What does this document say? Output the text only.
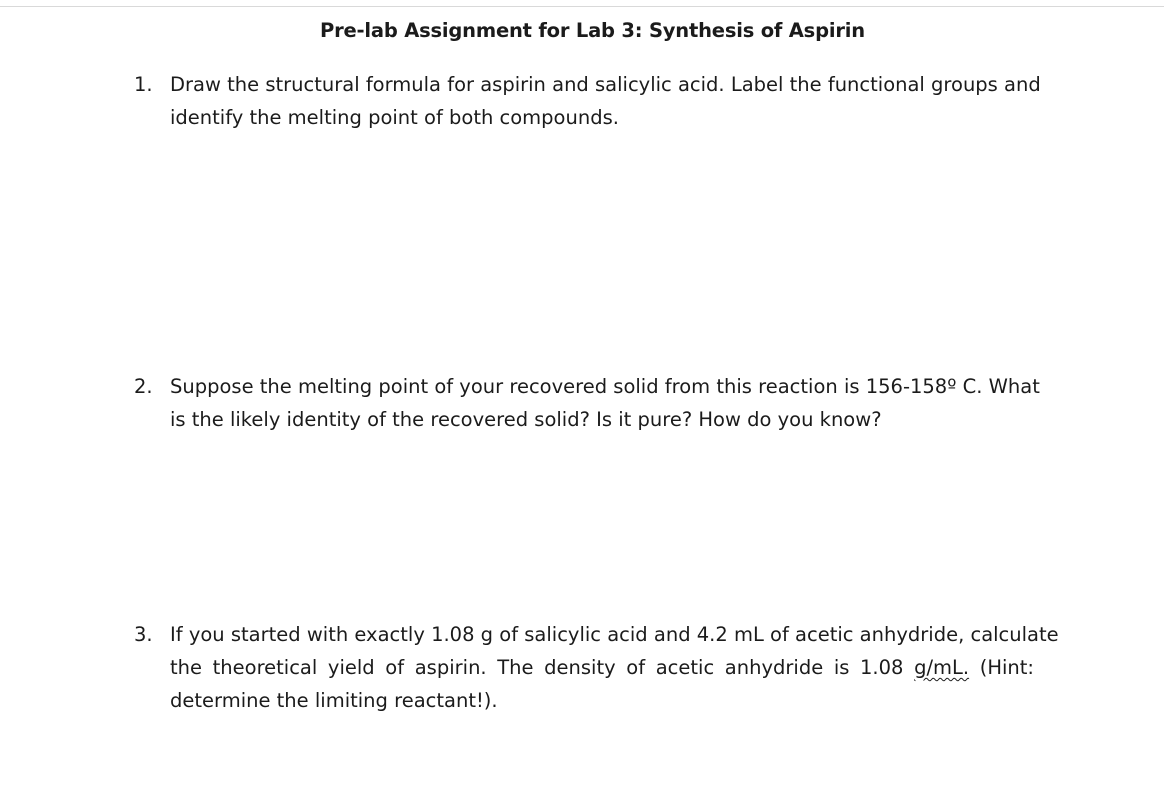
Pre-lab Assignment for Lab 3: Synthesis of Aspirin
1. Draw the structural formula for aspirin and salicylic acid. Label the functional groups and
identify the melting point of both compounds.
2. Suppose the melting point of your recovered solid from this reaction is 156-158º C. What
is the likely identity of the recovered solid? Is it pure? How do you know?
3. If you started with exactly 1.08 g of salicylic acid and 4.2 mL of acetic anhydride, calculate
the theoretical yield of aspirin. The density of acetic anhydride is 1.08 g/mL. (Hint:
determine the limiting reactant!).
